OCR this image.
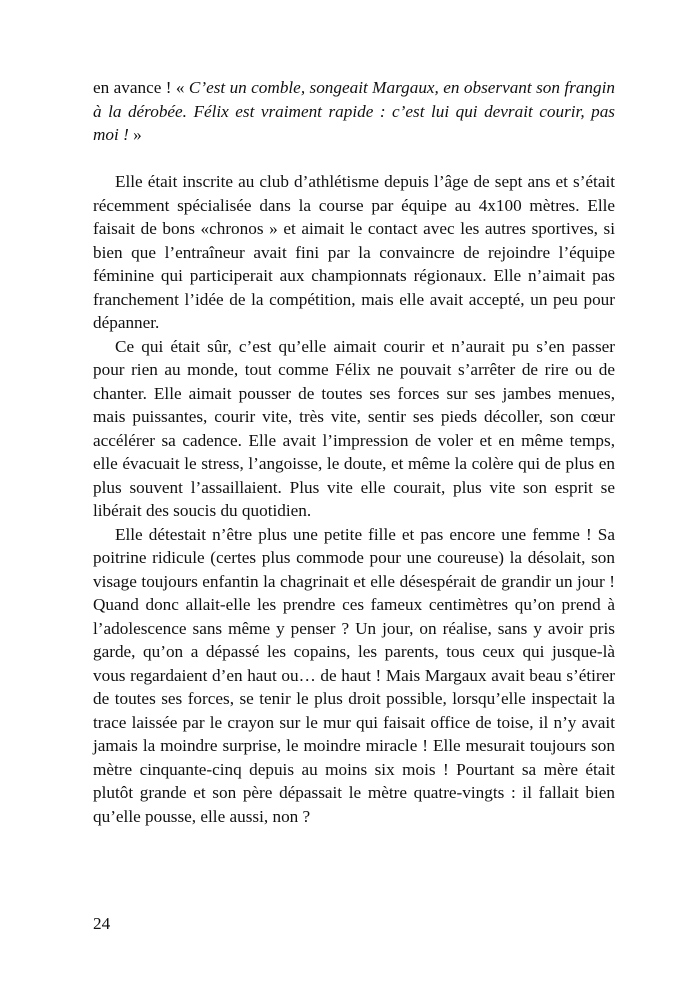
en avance ! « C’est un comble, songeait Margaux, en observant son frangin à la dérobée. Félix est vraiment rapide : c’est lui qui devrait courir, pas moi ! »

Elle était inscrite au club d’athlétisme depuis l’âge de sept ans et s’était récemment spécialisée dans la course par équipe au 4x100 mètres. Elle faisait de bons «chronos » et aimait le contact avec les autres sportives, si bien que l’entraîneur avait fini par la convaincre de rejoindre l’équipe féminine qui participerait aux championnats régionaux. Elle n’aimait pas franchement l’idée de la compétition, mais elle avait accepté, un peu pour dépanner.

Ce qui était sûr, c’est qu’elle aimait courir et n’aurait pu s’en passer pour rien au monde, tout comme Félix ne pouvait s’arrêter de rire ou de chanter. Elle aimait pousser de toutes ses forces sur ses jambes menues, mais puissantes, courir vite, très vite, sentir ses pieds décoller, son cœur accélérer sa cadence. Elle avait l’impression de voler et en même temps, elle évacuait le stress, l’angoisse, le doute, et même la colère qui de plus en plus souvent l’assaillaient. Plus vite elle courait, plus vite son esprit se libérait des soucis du quotidien.

Elle détestait n’être plus une petite fille et pas encore une femme ! Sa poitrine ridicule (certes plus commode pour une coureuse) la désolait, son visage toujours enfantin la chagrinait et elle désespérait de grandir un jour ! Quand donc allait-elle les prendre ces fameux centimètres qu’on prend à l’adolescence sans même y penser ? Un jour, on réalise, sans y avoir pris garde, qu’on a dépassé les copains, les parents, tous ceux qui jusque-là vous regardaient d’en haut ou… de haut ! Mais Margaux avait beau s’étirer de toutes ses forces, se tenir le plus droit possible, lorsqu’elle inspectait la trace laissée par le crayon sur le mur qui faisait office de toise, il n’y avait jamais la moindre surprise, le moindre miracle ! Elle mesurait toujours son mètre cinquante-cinq depuis au moins six mois ! Pourtant sa mère était plutôt grande et son père dépassait le mètre quatre-vingts : il fallait bien qu’elle pousse, elle aussi, non ?

24
